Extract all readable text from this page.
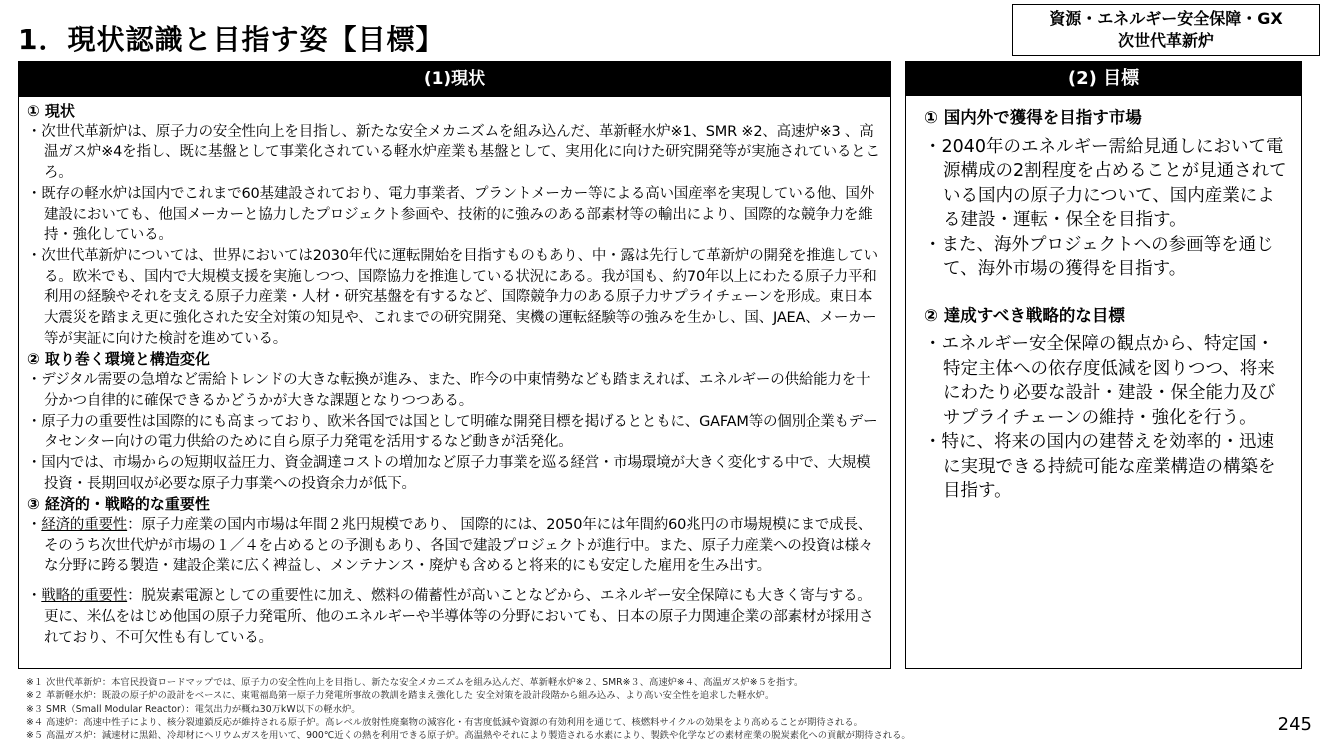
1．現状認識と目指す姿【目標】
資源・エネルギー安全保障・GX
次世代革新炉
(1)現状
① 現状
・次世代革新炉は、原子力の安全性向上を目指し、新たな安全メカニズムを組み込んだ、革新軽水炉※1、SMR ※2、高速炉※3 、高温ガス炉※4を指し、既に基盤として事業化されている軽水炉産業も基盤として、実用化に向けた研究開発等が実施されているところ。
・既存の軽水炉は国内でこれまで60基建設されており、電力事業者、プラントメーカー等による高い国産率を実現している他、国外建設においても、他国メーカーと協力したプロジェクト参画や、技術的に強みのある部素材等の輸出により、国際的な競争力を維持・強化している。
・次世代革新炉については、世界においては2030年代に運転開始を目指すものもあり、中・露は先行して革新炉の開発を推進している。欧米でも、国内で大規模支援を実施しつつ、国際協力を推進している状況にある。我が国も、約70年以上にわたる原子力平和利用の経験やそれを支える原子力産業・人材・研究基盤を有するなど、国際競争力のある原子力サプライチェーンを形成。東日本大震災を踏まえ更に強化された安全対策の知見や、これまでの研究開発、実機の運転経験等の強みを生かし、国、JAEA、メーカー等が実証に向けた検討を進めている。
② 取り巻く環境と構造変化
・デジタル需要の急増など需給トレンドの大きな転換が進み、また、昨今の中東情勢なども踏まえれば、エネルギーの供給能力を十分かつ自律的に確保できるかどうかが大きな課題となりつつある。
・原子力の重要性は国際的にも高まっており、欧米各国では国として明確な開発目標を掲げるとともに、GAFAM等の個別企業もデータセンター向けの電力供給のために自ら原子力発電を活用するなど動きが活発化。
・国内では、市場からの短期収益圧力、資金調達コストの増加など原子力事業を巡る経営・市場環境が大きく変化する中で、大規模投資・長期回収が必要な原子力事業への投資余力が低下。
③ 経済的・戦略的な重要性
・経済的重要性：原子力産業の国内市場は年間２兆円規模であり、 国際的には、2050年には年間約60兆円の市場規模にまで成長、そのうち次世代炉が市場の１／４を占めるとの予測もあり、各国で建設プロジェクトが進行中。また、原子力産業への投資は様々な分野に跨る製造・建設企業に広く裨益し、メンテナンス・廃炉も含めると将来的にも安定した雇用を生み出す。
・戦略的重要性：脱炭素電源としての重要性に加え、燃料の備蓄性が高いことなどから、エネルギー安全保障にも大きく寄与する。更に、米仏をはじめ他国の原子力発電所、他のエネルギーや半導体等の分野においても、日本の原子力関連企業の部素材が採用されており、不可欠性も有している。
(2) 目標
① 国内外で獲得を目指す市場
・2040年のエネルギー需給見通しにおいて電源構成の2割程度を占めることが見通されている国内の原子力について、国内産業による建設・運転・保全を目指す。
・また、海外プロジェクトへの参画等を通じて、海外市場の獲得を目指す。
② 達成すべき戦略的な目標
・エネルギー安全保障の観点から、特定国・特定主体への依存度低減を図りつつ、将来にわたり必要な設計・建設・保全能力及びサプライチェーンの維持・強化を行う。
・特に、将来の国内の建替えを効率的・迅速に実現できる持続可能な産業構造の構築を目指す。
※１ 次世代革新炉：本官民投資ロードマップでは、原子力の安全性向上を目指し、新たな安全メカニズムを組み込んだ、革新軽水炉※２、SMR※３、高速炉※４、高温ガス炉※５を指す。
※２ 革新軽水炉：既設の原子炉の設計をベースに、東電福島第一原子力発電所事故の教訓を踏まえ強化した 安全対策を設計段階から組み込み、より高い安全性を追求した軽水炉。
※３ SMR（Small Modular Reactor）：電気出力が概ね30万kW以下の軽水炉。
※４ 高速炉：高速中性子により、核分裂連鎖反応が維持される原子炉。高レベル放射性廃棄物の減容化・有害度低減や資源の有効利用を通じて、核燃料サイクルの効果をより高めることが期待される。
※５ 高温ガス炉：減速材に黒鉛、冷却材にヘリウムガスを用いて、900℃近くの熱を利用できる原子炉。高温熱やそれにより製造される水素により、製鉄や化学などの素材産業の脱炭素化への貢献が期待される。
245
